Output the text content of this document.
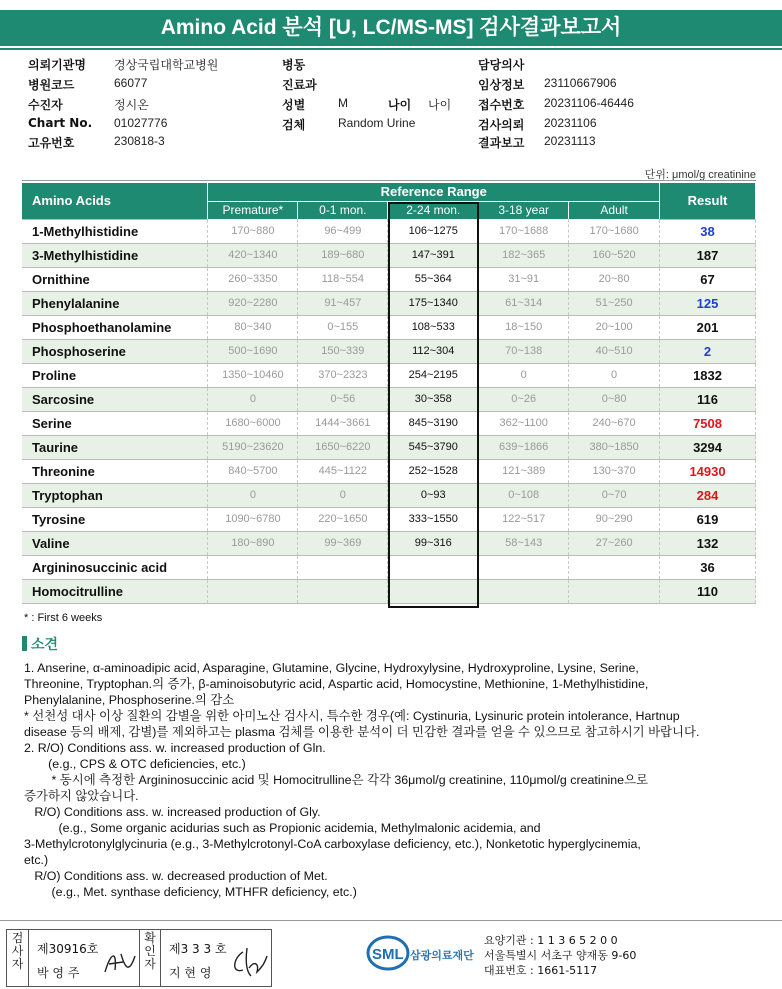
Amino Acid 분석 [U, LC/MS-MS] 검사결과보고서
의뢰기관명 경상국립대학교병원	병동	담당의사
병원코드	66077	진료과	임상정보 23110667906
수진자	정시온	성별	M	나이 나이 접수번호 20231106-46446
Chart No. 01027776	검체	Random Urine	검사의뢰 20231106
고유번호	230818-3	결과보고 20231113
단위: μmol/g creatinine
Amino Acids	Reference Range					Result
	Premature*	0-1 mon.	2-24 mon.	3-18 year	Adult	
1-Methylhistidine	170~880	96~499	106~1275	170~1688	170~1680	38
3-Methylhistidine	420~1340	189~680	147~391	182~365	160~520	187
Ornithine	260~3350	118~554	55~364	31~91	20~80	67
Phenylalanine	920~2280	91~457	175~1340	61~314	51~250	125
Phosphoethanolamine	80~340	0~155	108~533	18~150	20~100	201
Phosphoserine	500~1690	150~339	112~304	70~138	40~510	2
Proline	1350~10460	370~2323	254~2195	0	0	1832
Sarcosine	0	0~56	30~358	0~26	0~80	116
Serine	1680~6000	1444~3661	845~3190	362~1100	240~670	7508
Taurine	5190~23620	1650~6220	545~3790	639~1866	380~1850	3294
Threonine	840~5700	445~1122	252~1528	121~389	130~370	14930
Tryptophan	0	0	0~93	0~108	0~70	284
Tyrosine	1090~6780	220~1650	333~1550	122~517	90~290	619
Valine	180~890	99~369	99~316	58~143	27~260	132
Argininosuccinic acid						36
Homocitrulline						110
* : First 6 weeks
소견

1. Anserine, α-aminoadipic acid, Asparagine, Glutamine, Glycine, Hydroxylysine, Hydroxyproline, Lysine, Serine,

Threonine, Tryptophan.의 증가, β-aminoisobutyric acid, Aspartic acid, Homocystine, Methionine, 1-Methylhistidine,

Phenylalanine, Phosphoserine.의 감소

* 선천성 대사 이상 질환의 감별을 위한 아미노산 검사시, 특수한 경우(예: Cystinuria, Lysinuric protein intolerance, Hartnup

disease 등의 배제, 감별)를 제외하고는 plasma 검체를 이용한 분석이 더 민감한 결과를 얻을 수 있으므로 참고하시기 바랍니다.

2. R/O) Conditions ass. w. increased production of Gln.

(e.g., CPS & OTC deficiencies, etc.)

* 동시에 측정한 Argininosuccinic acid 및 Homocitrulline은 각각 36μmol/g creatinine, 110μmol/g creatinine으로

증가하지 않았습니다.

R/O) Conditions ass. w. increased production of Gly.

(e.g., Some organic acidurias such as Propionic acidemia, Methylmalonic acidemia, and

3-Methylcrotonylglycinuria (e.g., 3-Methylcrotonyl-CoA carboxylase deficiency, etc.), Nonketotic hyperglycinemia,

etc.)

R/O) Conditions ass. w. decreased production of Met.

(e.g., Met. synthase deficiency, MTHFR deficiency, etc.)

검사자
제30916호
박 영 주
확인자
제3 3 3 호
지 현 영
SML 삼광의료재단
요양기관 : 1 1 3 6 5 2 0 0
서울특별시 서초구 양재동 9-60
대표번호 : 1661-5117
